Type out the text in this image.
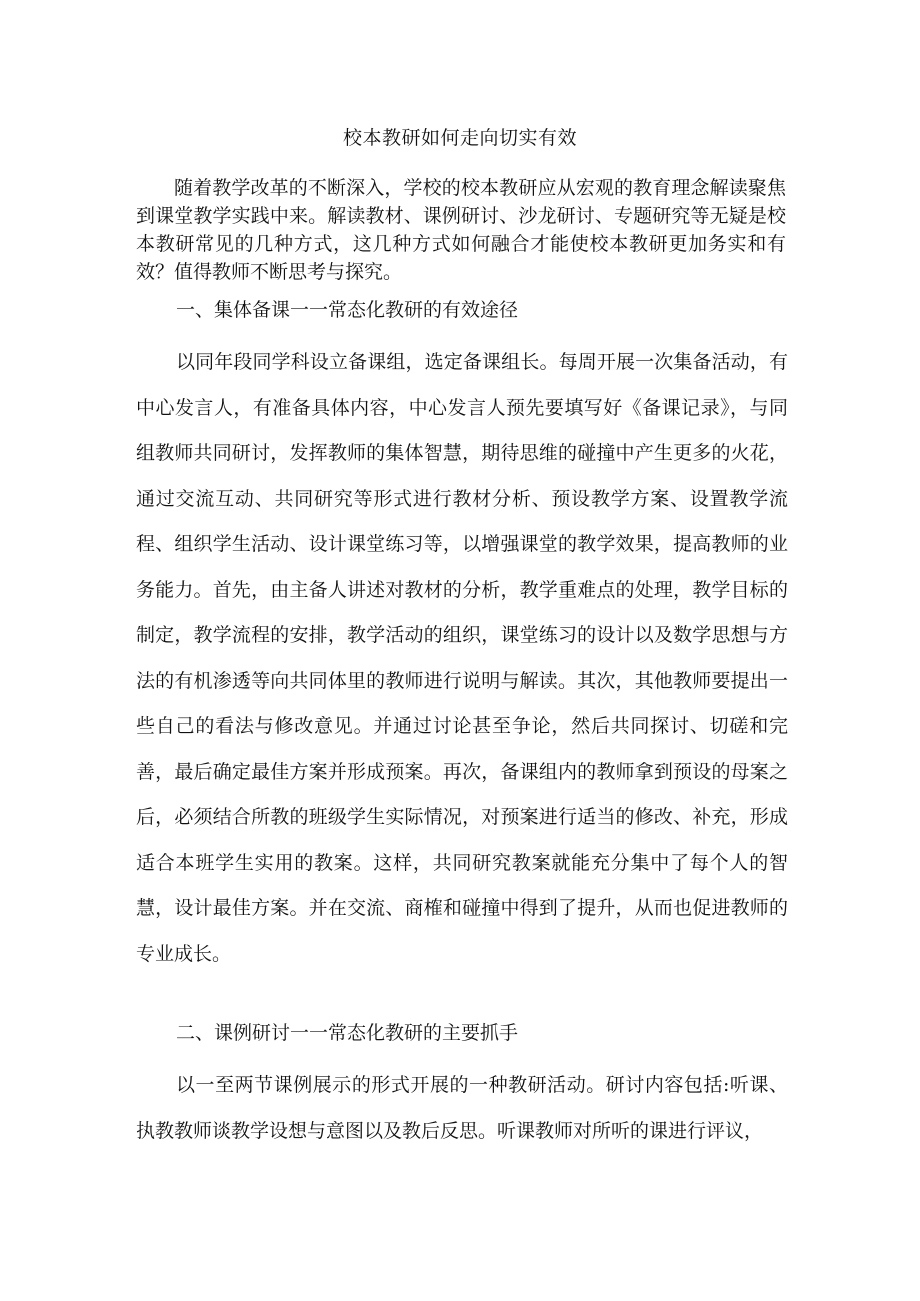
校本教研如何走向切实有效

随着教学改革的不断深入，学校的校本教研应从宏观的教育理念解读聚焦到课堂教学实践中来。解读教材、课例研讨、沙龙研讨、专题研究等无疑是校本教研常见的几种方式，这几种方式如何融合才能使校本教研更加务实和有效？值得教师不断思考与探究。

一、集体备课一一常态化教研的有效途径

以同年段同学科设立备课组，选定备课组长。每周开展一次集备活动，有中心发言人，有准备具体内容，中心发言人预先要填写好《备课记录》，与同组教师共同研讨，发挥教师的集体智慧，期待思维的碰撞中产生更多的火花，通过交流互动、共同研究等形式进行教材分析、预设教学方案、设置教学流程、组织学生活动、设计课堂练习等，以增强课堂的教学效果，提高教师的业务能力。首先，由主备人讲述对教材的分析，教学重难点的处理，教学目标的制定，教学流程的安排，教学活动的组织，课堂练习的设计以及数学思想与方法的有机渗透等向共同体里的教师进行说明与解读。其次，其他教师要提出一些自己的看法与修改意见。并通过讨论甚至争论，然后共同探讨、切磋和完善，最后确定最佳方案并形成预案。再次，备课组内的教师拿到预设的母案之后，必须结合所教的班级学生实际情况，对预案进行适当的修改、补充，形成适合本班学生实用的教案。这样，共同研究教案就能充分集中了每个人的智慧，设计最佳方案。并在交流、商榷和碰撞中得到了提升，从而也促进教师的专业成长。

二、课例研讨一一常态化教研的主要抓手

以一至两节课例展示的形式开展的一种教研活动。研讨内容包括:听课、执教教师谈教学设想与意图以及教后反思。听课教师对所听的课进行评议，
